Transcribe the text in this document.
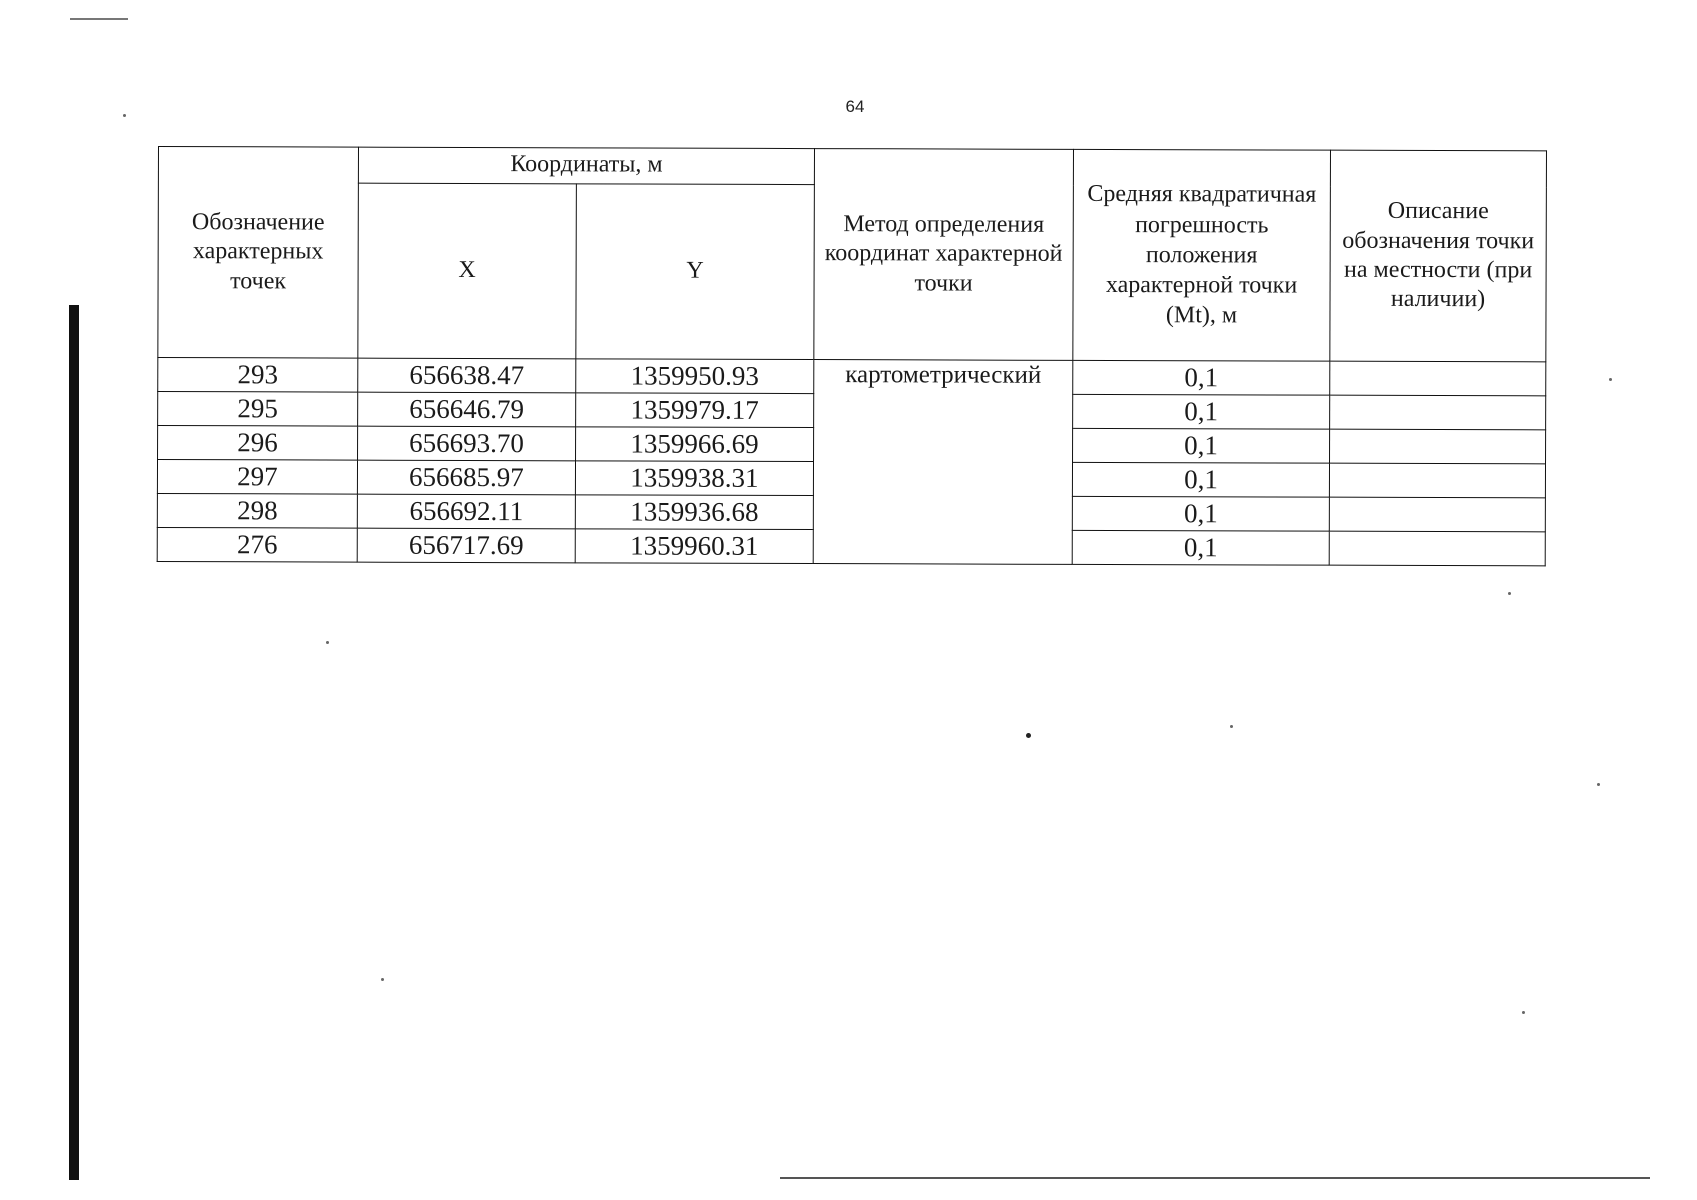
64
Обозначение характерных точек	Координаты, м		Метод определения координат характерной точки	Средняя квадратичная погрешность положения характерной точки (Mt), м	Описание обозначения точки на местности (при наличии)
	X	Y			
293	656638.47	1359950.93	картометрический	0,1	
295	656646.79	1359979.17		0,1	
296	656693.70	1359966.69		0,1	
297	656685.97	1359938.31		0,1	
298	656692.11	1359936.68		0,1	
276	656717.69	1359960.31		0,1	
